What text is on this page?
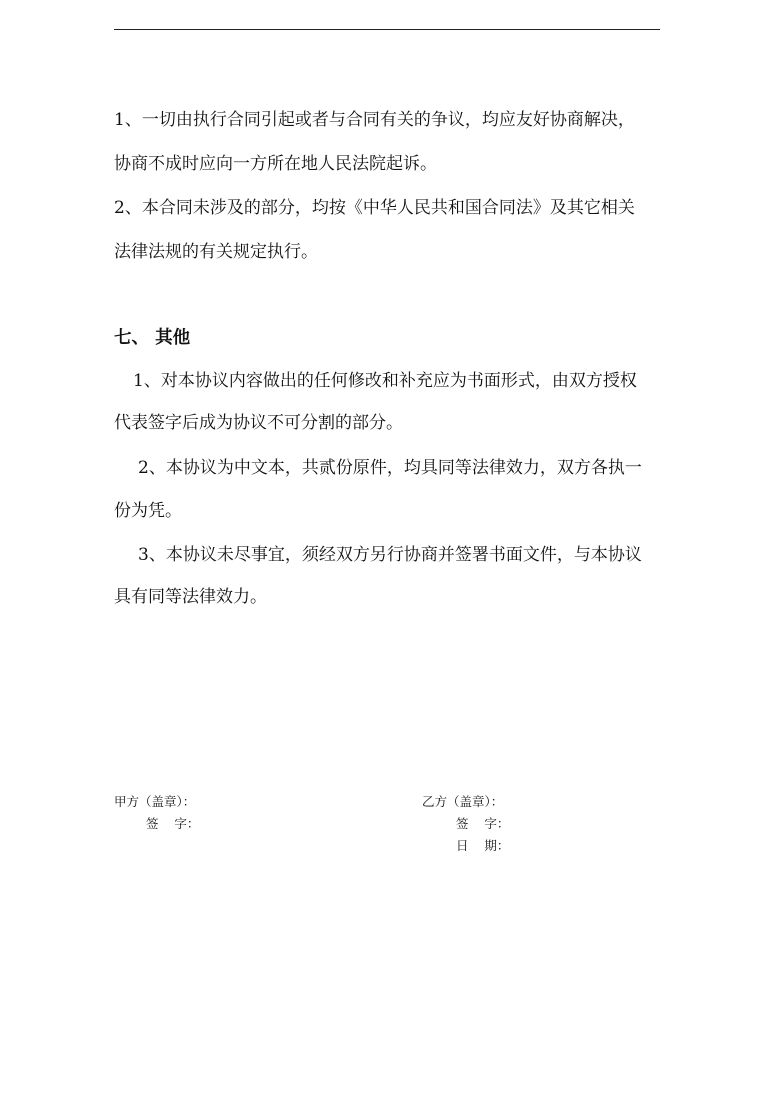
1、一切由执行合同引起或者与合同有关的争议，均应友好协商解决，
协商不成时应向一方所在地人民法院起诉。
2、本合同未涉及的部分，均按《中华人民共和国合同法》及其它相关
法律法规的有关规定执行。
七、 其他
1、对本协议内容做出的任何修改和补充应为书面形式，由双方授权
代表签字后成为协议不可分割的部分。
2、本协议为中文本，共贰份原件，均具同等法律效力，双方各执一
份为凭。
3、本协议未尽事宜，须经双方另行协商并签署书面文件，与本协议
具有同等法律效力。
甲方（盖章）：
签    字：
乙方（盖章）：
签    字：
日    期：
